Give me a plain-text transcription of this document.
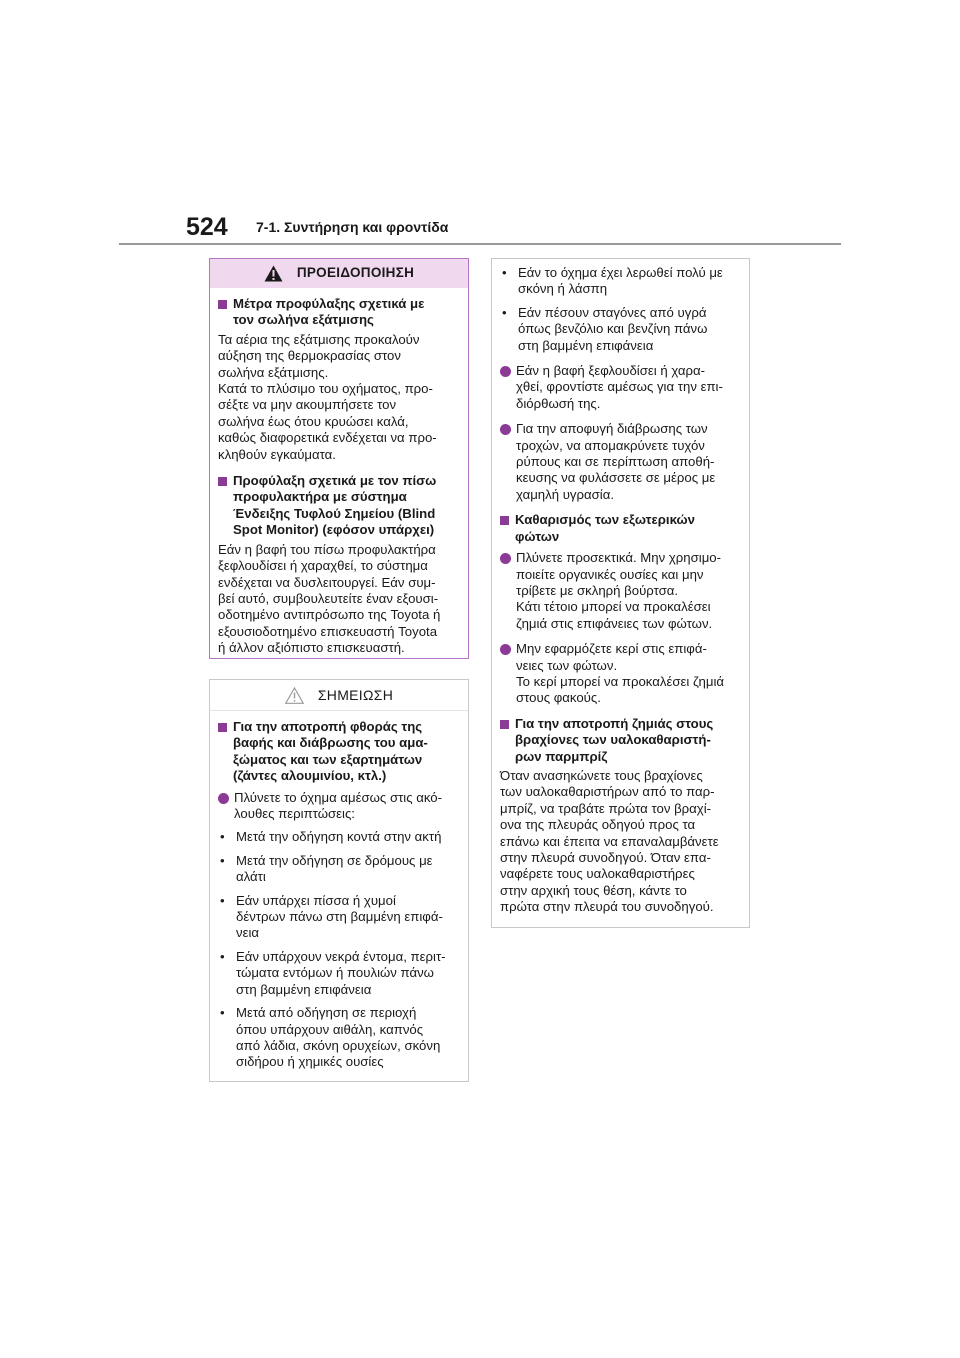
524 7-1. Συντήρηση και φροντίδα
ΠΡΟΕΙΔΟΠΟΙΗΣΗ
Μέτρα προφύλαξης σχετικά με
τον σωλήνα εξάτμισης
Τα αέρια της εξάτμισης προκαλούν
αύξηση της θερμοκρασίας στον
σωλήνα εξάτμισης.
Κατά το πλύσιμο του οχήματος, προ-
σέξτε να μην ακουμπήσετε τον
σωλήνα έως ότου κρυώσει καλά,
καθώς διαφορετικά ενδέχεται να προ-
κληθούν εγκαύματα.
Προφύλαξη σχετικά με τον πίσω
προφυλακτήρα με σύστημα
Ένδειξης Τυφλού Σημείου (Blind
Spot Monitor) (εφόσον υπάρχει)
Εάν η βαφή του πίσω προφυλακτήρα
ξεφλουδίσει ή χαραχθεί, το σύστημα
ενδέχεται να δυσλειτουργεί. Εάν συμ-
βεί αυτό, συμβουλευτείτε έναν εξουσι-
οδοτημένο αντιπρόσωπο της Toyota ή
εξουσιοδοτημένο επισκευαστή Toyota
ή άλλον αξιόπιστο επισκευαστή.
ΣΗΜΕΙΩΣΗ
Για την αποτροπή φθοράς της
βαφής και διάβρωσης του αμα-
ξώματος και των εξαρτημάτων
(ζάντες αλουμινίου, κτλ.)
Πλύνετε το όχημα αμέσως στις ακό-
λουθες περιπτώσεις:
• Μετά την οδήγηση κοντά στην ακτή
• Μετά την οδήγηση σε δρόμους με
αλάτι
• Εάν υπάρχει πίσσα ή χυμοί
δέντρων πάνω στη βαμμένη επιφά-
νεια
• Εάν υπάρχουν νεκρά έντομα, περιτ-
τώματα εντόμων ή πουλιών πάνω
στη βαμμένη επιφάνεια
• Μετά από οδήγηση σε περιοχή
όπου υπάρχουν αιθάλη, καπνός
από λάδια, σκόνη ορυχείων, σκόνη
σιδήρου ή χημικές ουσίες
• Εάν το όχημα έχει λερωθεί πολύ με
σκόνη ή λάσπη
• Εάν πέσουν σταγόνες από υγρά
όπως βενζόλιο και βενζίνη πάνω
στη βαμμένη επιφάνεια
Εάν η βαφή ξεφλουδίσει ή χαρα-
χθεί, φροντίστε αμέσως για την επι-
διόρθωσή της.
Για την αποφυγή διάβρωσης των
τροχών, να απομακρύνετε τυχόν
ρύπους και σε περίπτωση αποθή-
κευσης να φυλάσσετε σε μέρος με
χαμηλή υγρασία.
Καθαρισμός των εξωτερικών
φώτων
Πλύνετε προσεκτικά. Μην χρησιμο-
ποιείτε οργανικές ουσίες και μην
τρίβετε με σκληρή βούρτσα.
Κάτι τέτοιο μπορεί να προκαλέσει
ζημιά στις επιφάνειες των φώτων.
Μην εφαρμόζετε κερί στις επιφά-
νειες των φώτων.
Το κερί μπορεί να προκαλέσει ζημιά
στους φακούς.
Για την αποτροπή ζημιάς στους
βραχίονες των υαλοκαθαριστή-
ρων παρμπρίζ
Όταν ανασηκώνετε τους βραχίονες
των υαλοκαθαριστήρων από το παρ-
μπρίζ, να τραβάτε πρώτα τον βραχί-
ονα της πλευράς οδηγού προς τα
επάνω και έπειτα να επαναλαμβάνετε
στην πλευρά συνοδηγού. Όταν επα-
ναφέρετε τους υαλοκαθαριστήρες
στην αρχική τους θέση, κάντε το
πρώτα στην πλευρά του συνοδηγού.
